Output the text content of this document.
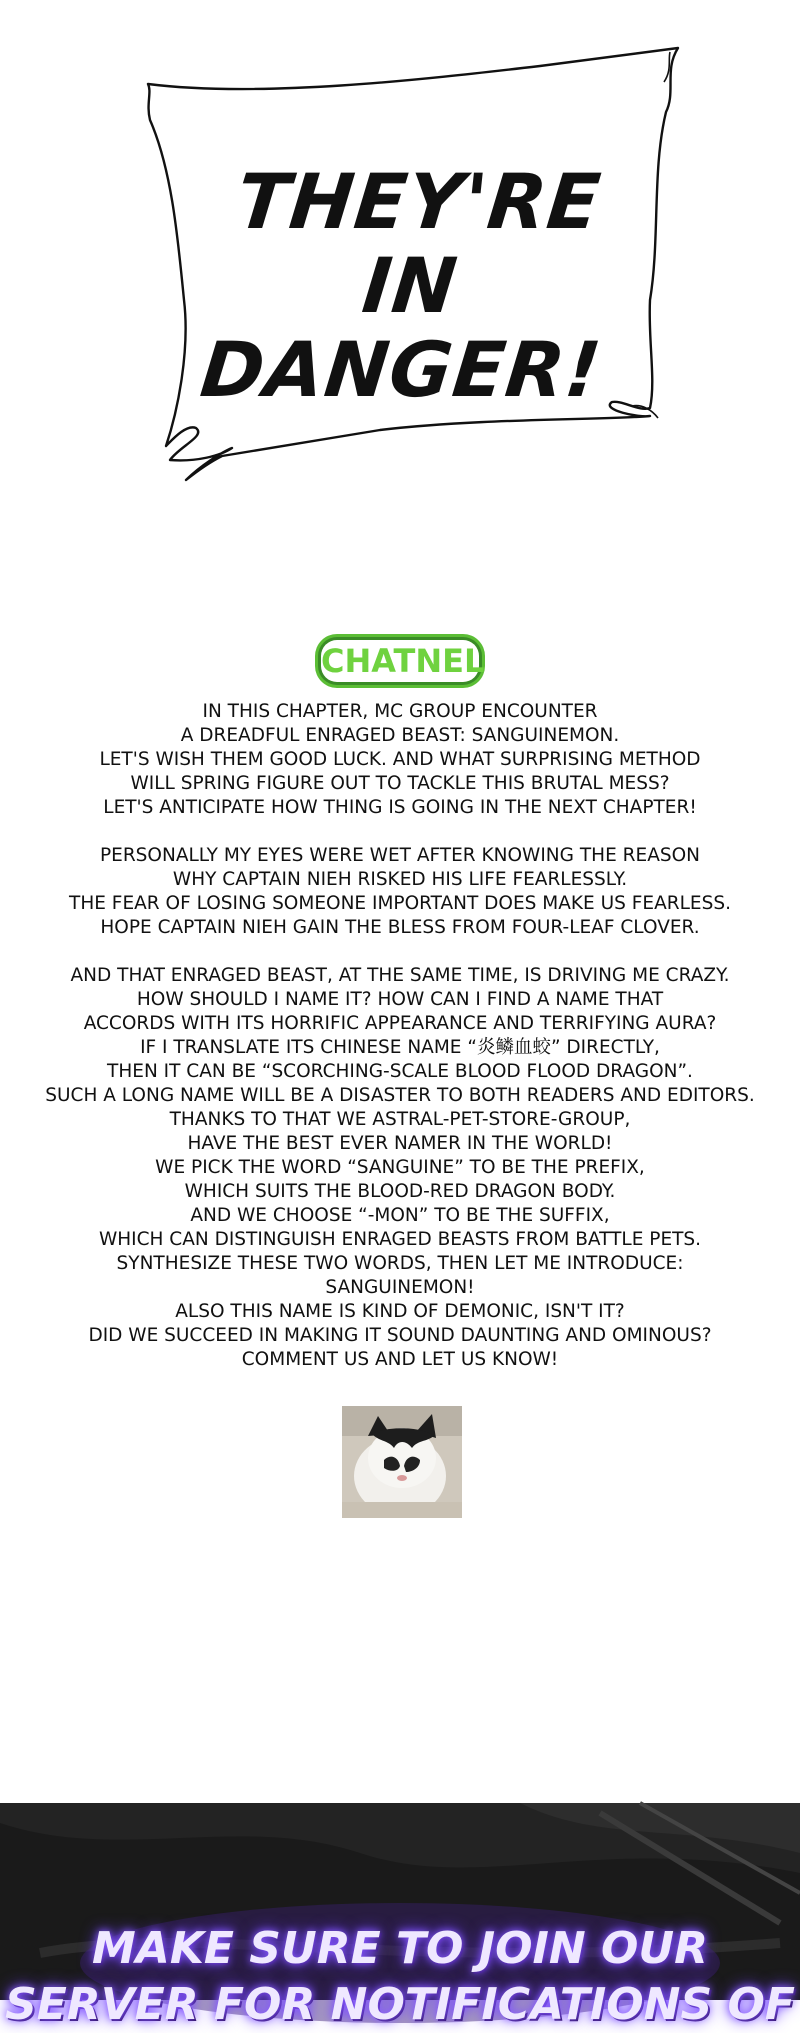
THEY'RE IN
DANGER!
CHATNEL
IN THIS CHAPTER, MC GROUP ENCOUNTER
A DREADFUL ENRAGED BEAST: SANGUINEMON.
LET'S WISH THEM GOOD LUCK. AND WHAT SURPRISING METHOD
WILL SPRING FIGURE OUT TO TACKLE THIS BRUTAL MESS?
LET'S ANTICIPATE HOW THING IS GOING IN THE NEXT CHAPTER!
PERSONALLY MY EYES WERE WET AFTER KNOWING THE REASON
WHY CAPTAIN NIEH RISKED HIS LIFE FEARLESSLY.
THE FEAR OF LOSING SOMEONE IMPORTANT DOES MAKE US FEARLESS.
HOPE CAPTAIN NIEH GAIN THE BLESS FROM FOUR-LEAF CLOVER.
AND THAT ENRAGED BEAST, AT THE SAME TIME, IS DRIVING ME CRAZY.
HOW SHOULD I NAME IT? HOW CAN I FIND A NAME THAT
ACCORDS WITH ITS HORRIFIC APPEARANCE AND TERRIFYING AURA?
IF I TRANSLATE ITS CHINESE NAME “炎鳞血蛟” DIRECTLY,
THEN IT CAN BE “SCORCHING-SCALE BLOOD FLOOD DRAGON”.
SUCH A LONG NAME WILL BE A DISASTER TO BOTH READERS AND EDITORS.
THANKS TO THAT WE ASTRAL-PET-STORE-GROUP,
HAVE THE BEST EVER NAMER IN THE WORLD!
WE PICK THE WORD “SANGUINE” TO BE THE PREFIX,
WHICH SUITS THE BLOOD-RED DRAGON BODY.
AND WE CHOOSE “-MON” TO BE THE SUFFIX,
WHICH CAN DISTINGUISH ENRAGED BEASTS FROM BATTLE PETS.
SYNTHESIZE THESE TWO WORDS, THEN LET ME INTRODUCE:
SANGUINEMON!
ALSO THIS NAME IS KIND OF DEMONIC, ISN'T IT?
DID WE SUCCEED IN MAKING IT SOUND DAUNTING AND OMINOUS?
COMMENT US AND LET US KNOW!
MAKE SURE TO JOIN OUR
SERVER FOR NOTIFICATIONS OF
